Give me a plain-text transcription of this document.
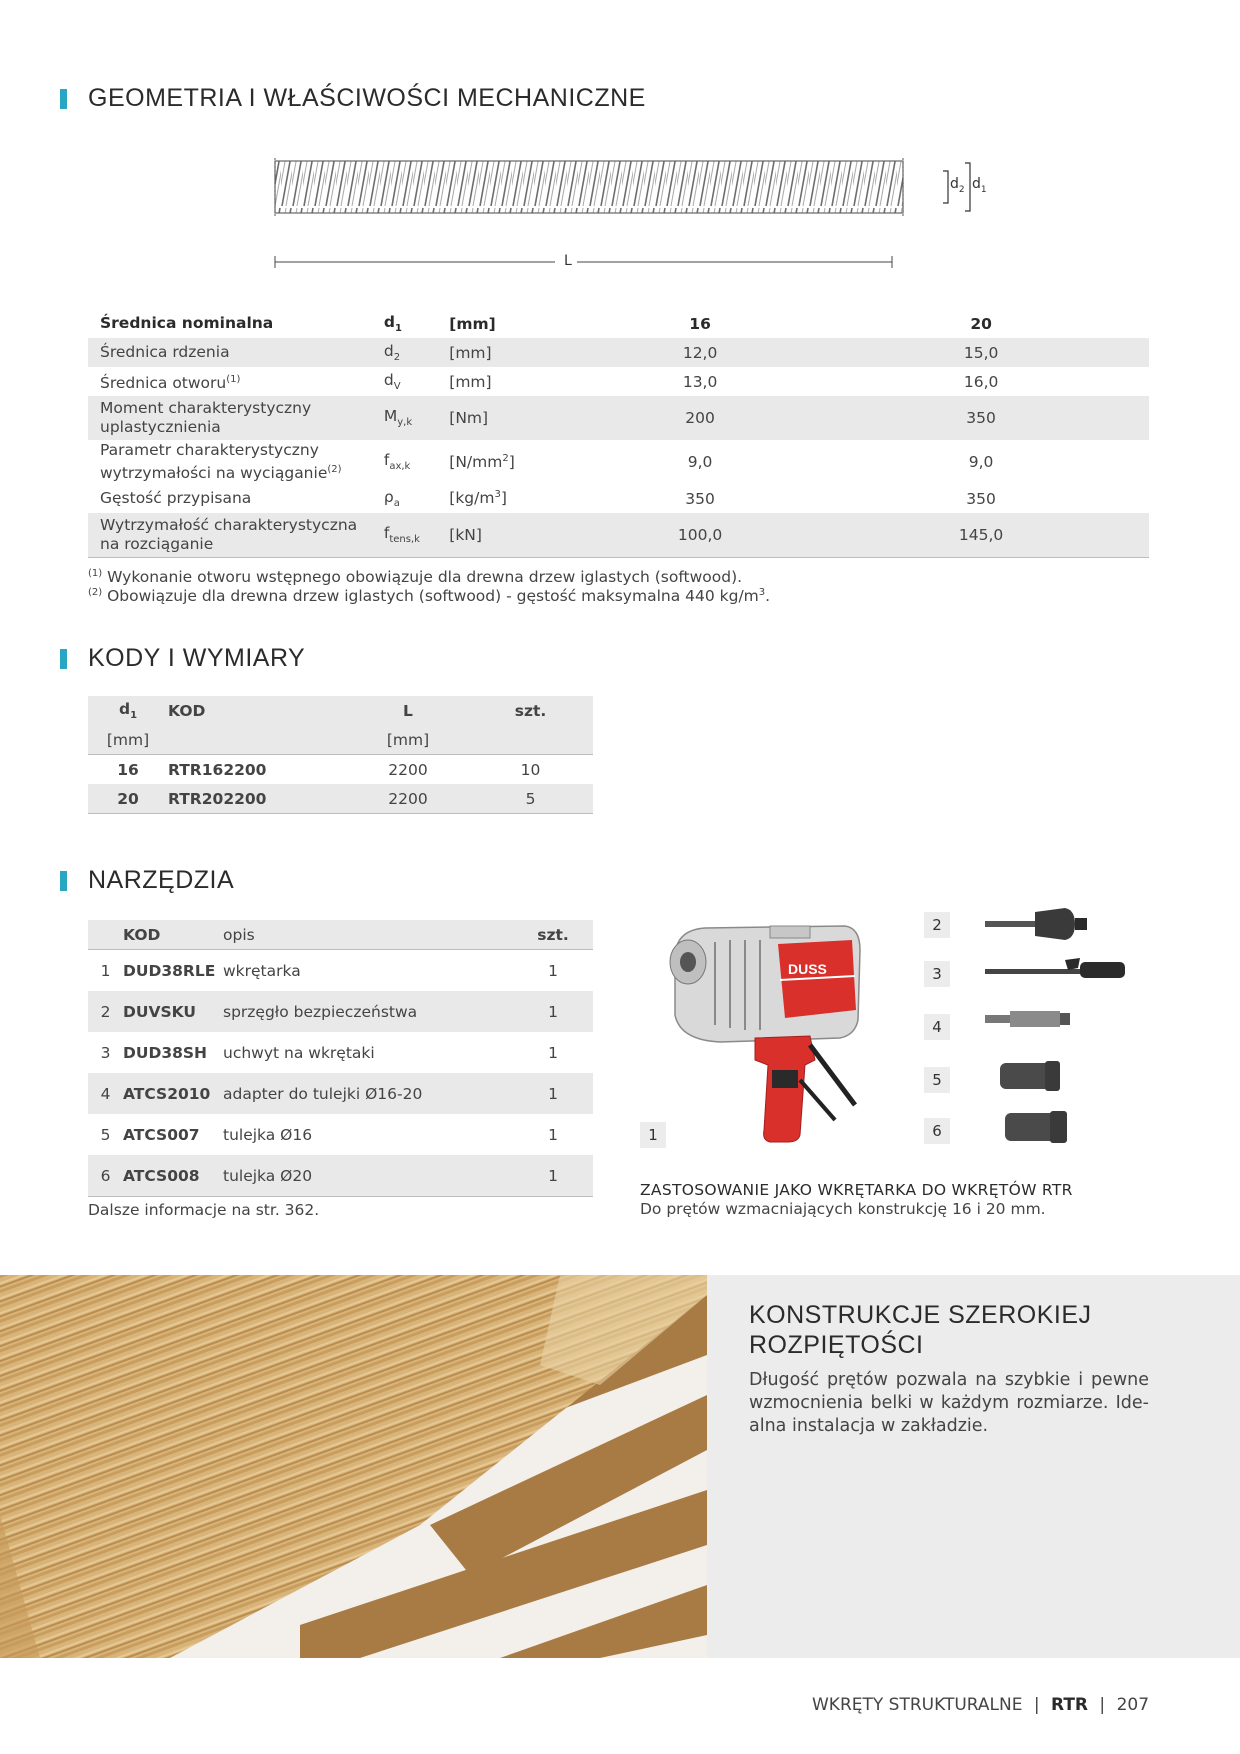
GEOMETRIA I WŁAŚCIWOŚCI MECHANICZNE
L
$d_2$ $d_1$
Średnica nominalna	$d_1$	[mm]	16	20
Średnica rdzenia	$d_2$	[mm]	12,0	15,0
Średnica otworu$^{(1)}$	$d_V$	[mm]	13,0	16,0
Moment charakterystyczny uplastycznienia	$M_{y,k}$	[Nm]	200	350
Parametr charakterystyczny wytrzymałości na wyciąganie$^{(2)}$	$f_{ax,k}$	$[N/mm^2]$	9,0	9,0
Gęstość przypisana	$\rho_a$	$[kg/m^3]$	350	350
Wytrzymałość charakterystyczna na rozciąganie	$f_{tens,k}$	[kN]	100,0	145,0
$^{(1)}$ Wykonanie otworu wstępnego obowiązuje dla drewna drzew iglastych (softwood).
$^{(2)}$ Obowiązuje dla drewna drzew iglastych (softwood) - gęstość maksymalna 440 $kg/m^3$.
KODY I WYMIARY
$d_1$	KOD	L	szt.
[mm]		[mm]	
16	RTR162200	2200	10
20	RTR202200	2200	5
NARZĘDZIA
	KOD	opis	szt.
1	DUD38RLE	wkrętarka	1
2	DUVSKU	sprzęgło bezpieczeństwa	1
3	DUD38SH	uchwyt na wkrętaki	1
4	ATCS2010	adapter do tulejki Ø16-20	1
5	ATCS007	tulejka Ø16	1
6	ATCS008	tulejka Ø20	1
Dalsze informacje na str. 362.
DUSS
1
2
3
4
5
6
ZASTOSOWANIE JAKO WKRĘTARKA DO WKRĘTÓW RTR
Do prętów wzmacniających konstrukcję 16 i 20 mm.
KONSTRUKCJE SZEROKIEJ
ROZPIĘTOŚCI
Długość prętów pozwala na szybkie i pewne wzmocnienia belki w każdym rozmiarze. Ide-alna instalacja w zakładzie.
WKRĘTY STRUKTURALNE | RTR | 207
